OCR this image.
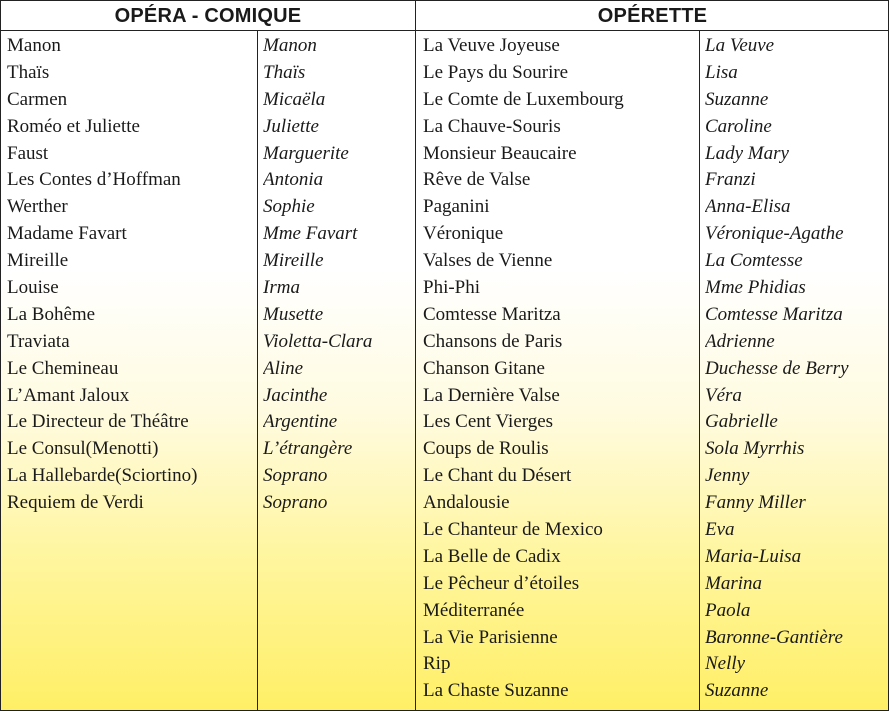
OPÉRA - COMIQUE	OPÉRETTE
Manon
Thaïs
Carmen
Roméo et Juliette
Faust
Les Contes d’Hoffman
Werther
Madame Favart
Mireille
Louise
La Bohême
Traviata
Le Chemineau
L’Amant Jaloux
Le Directeur de Théâtre
Le Consul(Menotti)
La Hallebarde(Sciortino)
Requiem de Verdi
Manon
Thaïs
Micaëla
Juliette
Marguerite
Antonia
Sophie
Mme Favart
Mireille
Irma
Musette
Violetta-Clara
Aline
Jacinthe
Argentine
L’étrangère
Soprano
Soprano
La Veuve Joyeuse
Le Pays du Sourire
Le Comte de Luxembourg
La Chauve-Souris
Monsieur Beaucaire
Rêve de Valse
Paganini
Véronique
Valses de Vienne
Phi-Phi
Comtesse Maritza
Chansons de Paris
Chanson Gitane
La Dernière Valse
Les Cent Vierges
Coups de Roulis
Le Chant du Désert
Andalousie
Le Chanteur de Mexico
La Belle de Cadix
Le Pêcheur d’étoiles
Méditerranée
La Vie Parisienne
Rip
La Chaste Suzanne
La Veuve
Lisa
Suzanne
Caroline
Lady Mary
Franzi
Anna-Elisa
Véronique-Agathe
La Comtesse
Mme Phidias
Comtesse Maritza
Adrienne
Duchesse de Berry
Véra
Gabrielle
Sola Myrrhis
Jenny
Fanny Miller
Eva
Maria-Luisa
Marina
Paola
Baronne-Gantière
Nelly
Suzanne
